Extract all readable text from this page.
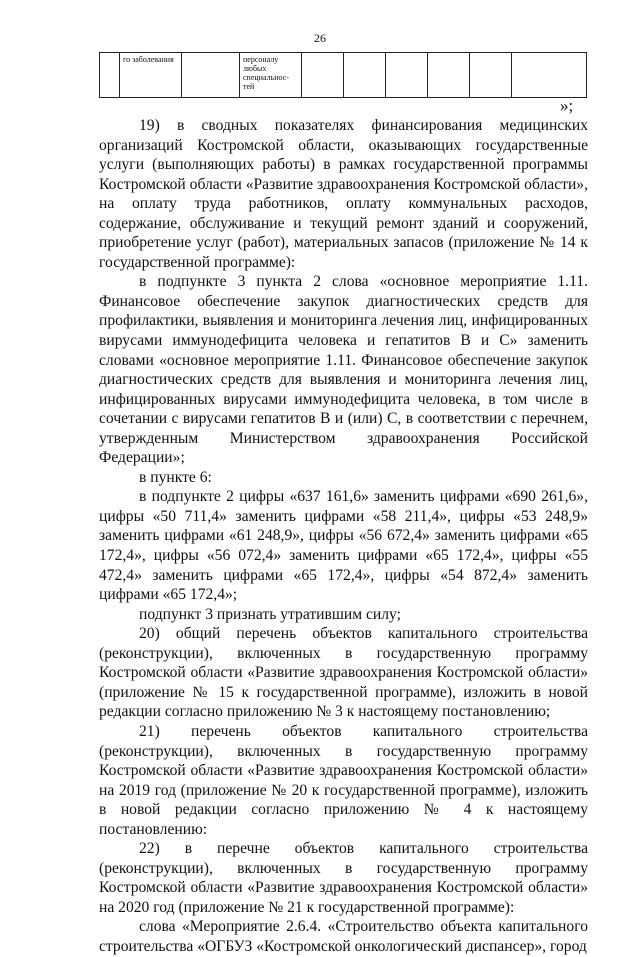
26
	го заболевания		персоналу любых специальнос-тей						
»;

19) в сводных показателях финансирования медицинских организаций Костромской области, оказывающих государственные услуги (выполняющих работы) в рамках государственной программы Костромской области «Развитие здравоохранения Костромской области», на оплату труда работников, оплату коммунальных расходов, содержание, обслуживание и текущий ремонт зданий и сооружений, приобретение услуг (работ), материальных запасов (приложение № 14 к государственной программе):

в подпункте 3 пункта 2 слова «основное мероприятие 1.11. Финансовое обеспечение закупок диагностических средств для профилактики, выявления и мониторинга лечения лиц, инфицированных вирусами иммунодефицита человека и гепатитов В и С» заменить словами «основное мероприятие 1.11. Финансовое обеспечение закупок диагностических средств для выявления и мониторинга лечения лиц, инфицированных вирусами иммунодефицита человека, в том числе в сочетании с вирусами гепатитов В и (или) С, в соответствии с перечнем, утвержденным Министерством здравоохранения Российской Федерации»;

в пункте 6:

в подпункте 2 цифры «637 161,6» заменить цифрами «690 261,6», цифры «50 711,4» заменить цифрами «58 211,4», цифры «53 248,9» заменить цифрами «61 248,9», цифры «56 672,4» заменить цифрами «65 172,4», цифры «56 072,4» заменить цифрами «65 172,4», цифры «55 472,4» заменить цифрами «65 172,4», цифры «54 872,4» заменить цифрами «65 172,4»;

подпункт 3 признать утратившим силу;

20) общий перечень объектов капитального строительства (реконструкции), включенных в государственную программу Костромской области «Развитие здравоохранения Костромской области» (приложение № 15 к государственной программе), изложить в новой редакции согласно приложению № 3 к настоящему постановлению;

21) перечень объектов капитального строительства (реконструкции), включенных в государственную программу Костромской области «Развитие здравоохранения Костромской области» на 2019 год (приложение № 20 к государственной программе), изложить в новой редакции согласно приложению № 4 к настоящему постановлению:

22) в перечне объектов капитального строительства (реконструкции), включенных в государственную программу Костромской области «Развитие здравоохранения Костромской области» на 2020 год (приложение № 21 к государственной программе):

слова «Мероприятие 2.6.4. «Строительство объекта капитального строительства «ОГБУЗ «Костромской онкологический диспансер», город
